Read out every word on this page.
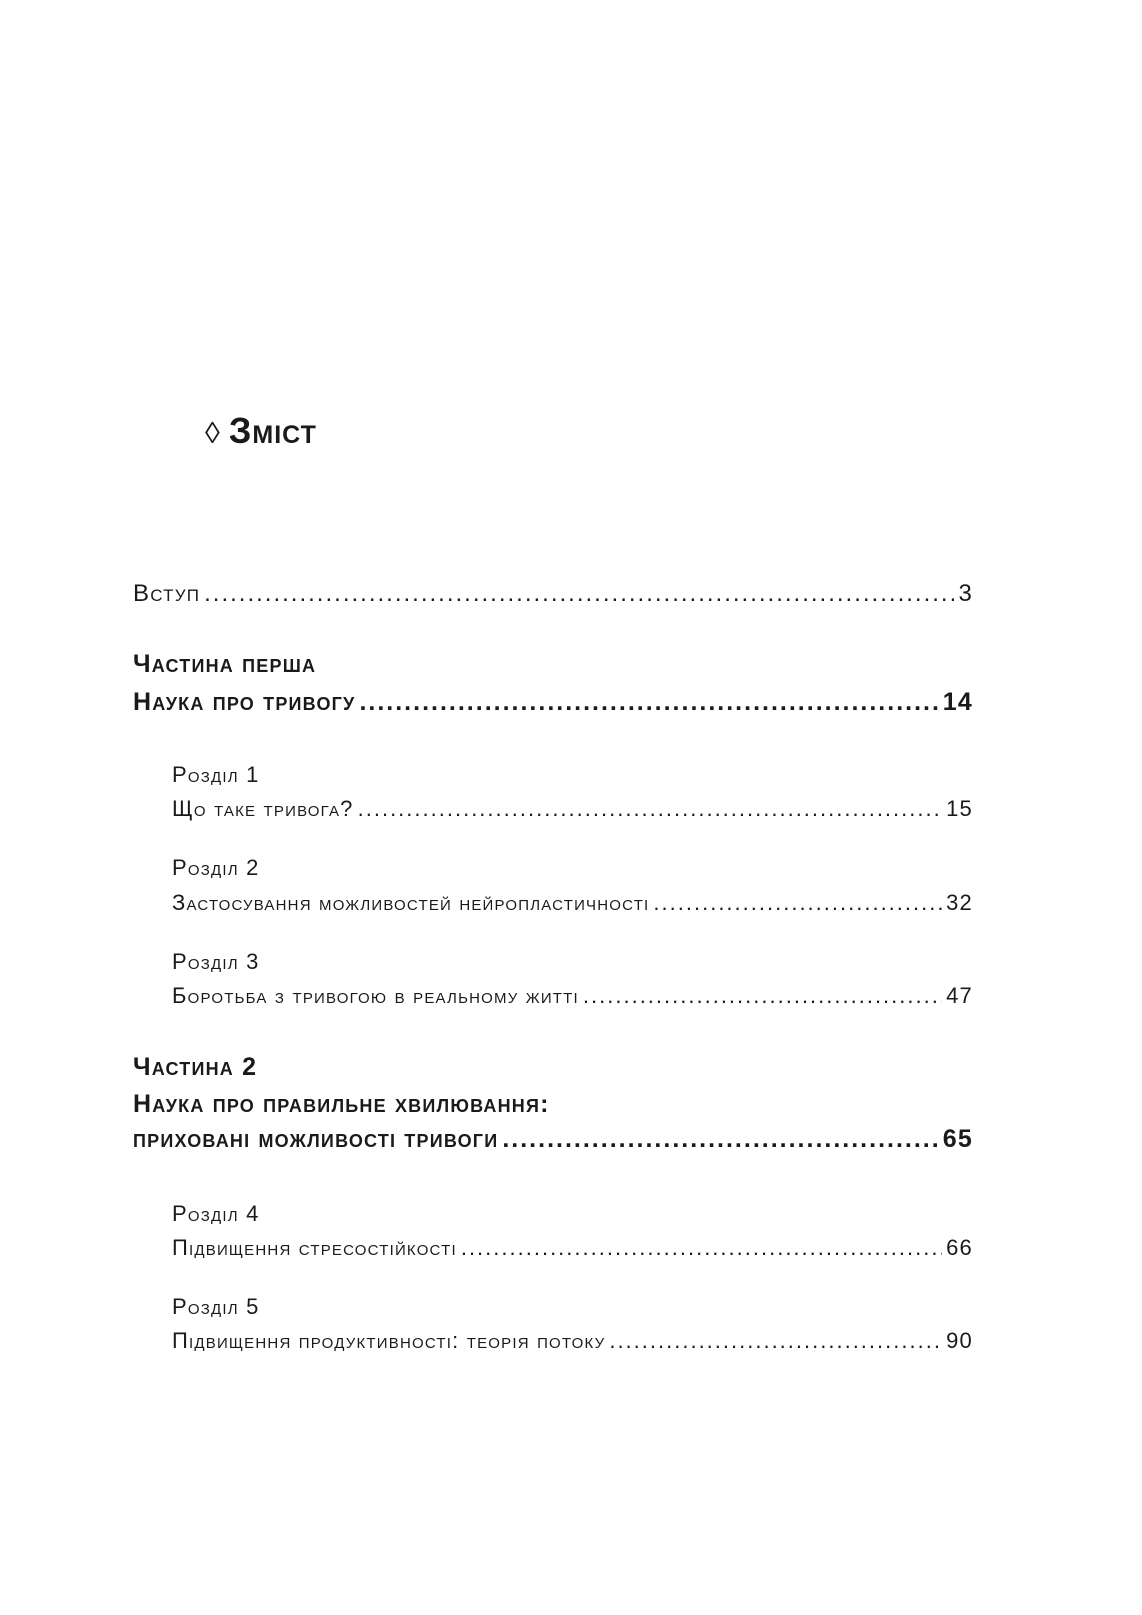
◊ Зміст
Вступ .....	3
Частина перша
Наука про тривогу .....	14
Розділ 1
Що таке тривога? .....	15
Розділ 2
Застосування можливостей нейропластичності .....	32
Розділ 3
Боротьба з тривогою в реальному житті .....	47
Частина 2
Наука про правильне хвилювання:
приховані можливості тривоги .....	65
Розділ 4
Підвищення стресостійкості .....	66
Розділ 5
Підвищення продуктивності: теорія потоку .....	90
